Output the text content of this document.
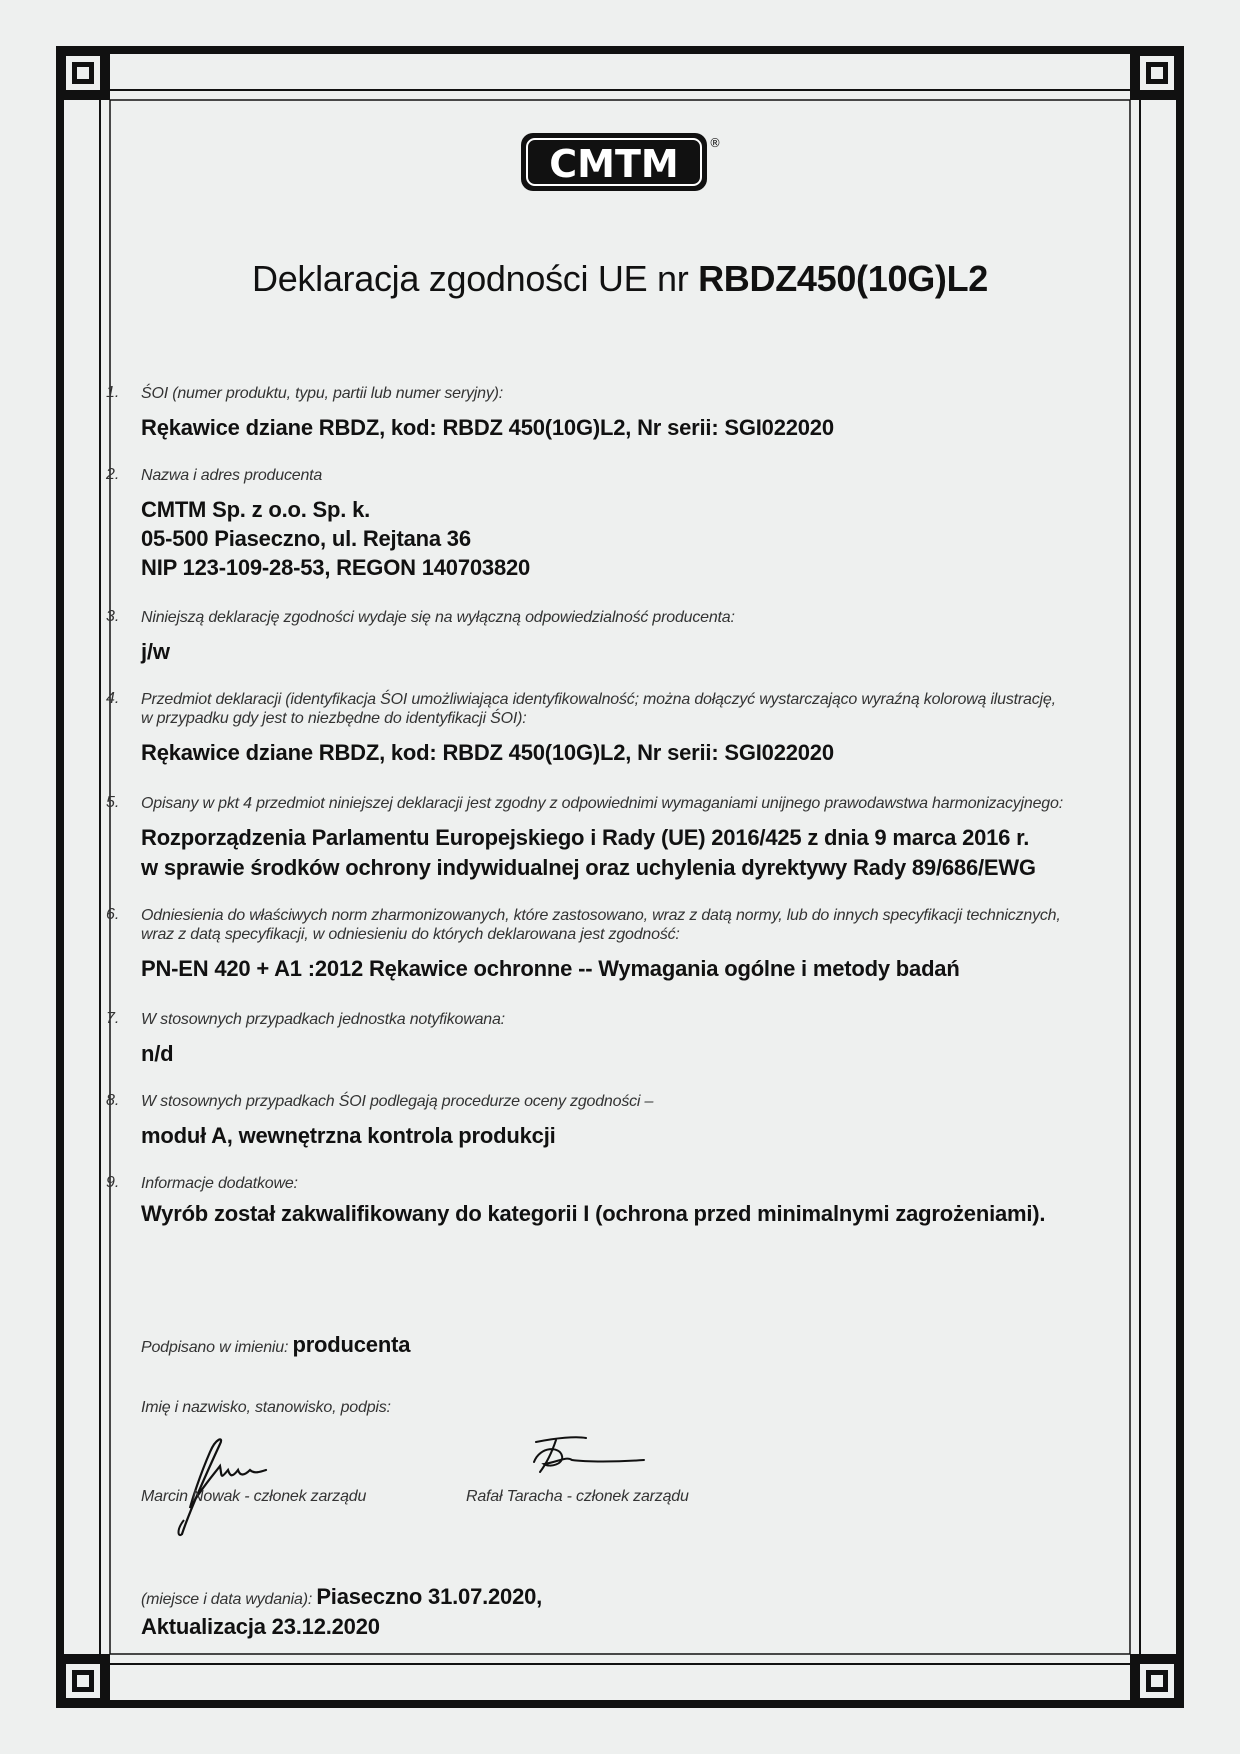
CMTM	®
Deklaracja zgodności UE nr RBDZ450(10G)L2
1. ŚOI (numer produktu, typu, partii lub numer seryjny):
Rękawice dziane RBDZ, kod: RBDZ 450(10G)L2, Nr serii: SGI022020
2. Nazwa i adres producenta
CMTM Sp. z o.o. Sp. k.
05-500 Piaseczno, ul. Rejtana 36
NIP 123-109-28-53, REGON 140703820
3. Niniejszą deklarację zgodności wydaje się na wyłączną odpowiedzialność producenta:
j/w
4. Przedmiot deklaracji (identyfikacja ŚOI umożliwiająca identyfikowalność; można dołączyć wystarczająco wyraźną kolorową ilustrację,
w przypadku gdy jest to niezbędne do identyfikacji ŚOI):
Rękawice dziane RBDZ, kod: RBDZ 450(10G)L2, Nr serii: SGI022020
5. Opisany w pkt 4 przedmiot niniejszej deklaracji jest zgodny z odpowiednimi wymaganiami unijnego prawodawstwa harmonizacyjnego:
Rozporządzenia Parlamentu Europejskiego i Rady (UE) 2016/425 z dnia 9 marca 2016 r.
w sprawie środków ochrony indywidualnej oraz uchylenia dyrektywy Rady 89/686/EWG
6. Odniesienia do właściwych norm zharmonizowanych, które zastosowano, wraz z datą normy, lub do innych specyfikacji technicznych,
wraz z datą specyfikacji, w odniesieniu do których deklarowana jest zgodność:
PN-EN 420 + A1 :2012 Rękawice ochronne -- Wymagania ogólne i metody badań
7. W stosownych przypadkach jednostka notyfikowana:
n/d
8. W stosownych przypadkach ŚOI podlegają procedurze oceny zgodności –
moduł A, wewnętrzna kontrola produkcji
9. Informacje dodatkowe:
Wyrób został zakwalifikowany do kategorii I (ochrona przed minimalnymi zagrożeniami).
Podpisano w imieniu: producenta
Imię i nazwisko, stanowisko, podpis:
Marcin Nowak - członek zarządu	Rafał Taracha - członek zarządu
(miejsce i data wydania): Piaseczno 31.07.2020,
Aktualizacja 23.12.2020
